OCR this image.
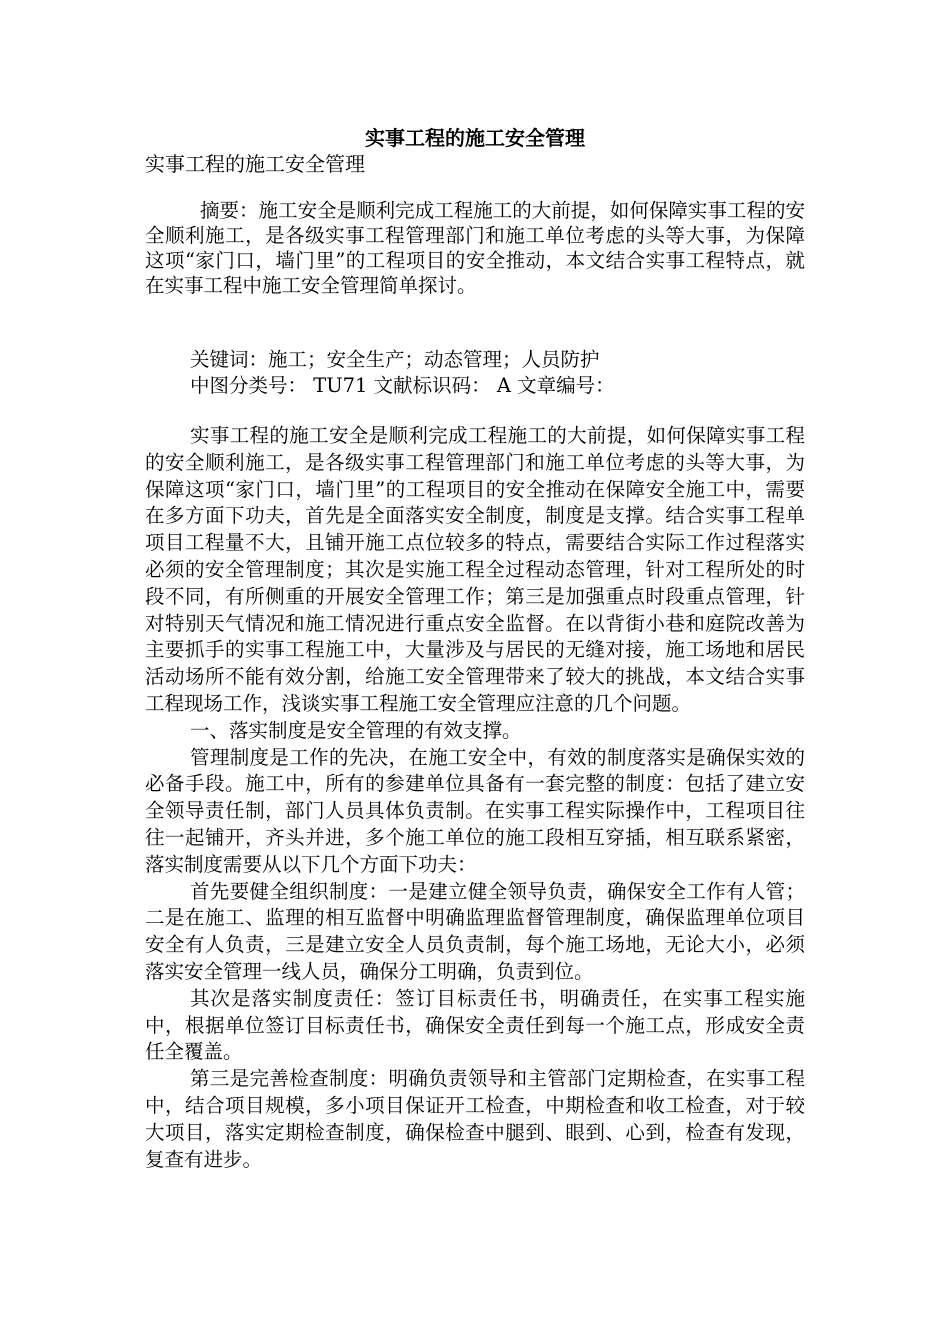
实事工程的施工安全管理
实事工程的施工安全管理

摘要：施工安全是顺利完成工程施工的大前提，如何保障实事工程的安全顺利施工，是各级实事工程管理部门和施工单位考虑的头等大事，为保障这项“家门口，墙门里”的工程项目的安全推动，本文结合实事工程特点，就在实事工程中施工安全管理简单探讨。

关键词：施工；安全生产；动态管理；人员防护
中图分类号： TU71 文献标识码： A 文章编号：

实事工程的施工安全是顺利完成工程施工的大前提，如何保障实事工程的安全顺利施工，是各级实事工程管理部门和施工单位考虑的头等大事，为保障这项“家门口，墙门里”的工程项目的安全推动在保障安全施工中，需要在多方面下功夫，首先是全面落实安全制度，制度是支撑。结合实事工程单项目工程量不大，且铺开施工点位较多的特点，需要结合实际工作过程落实必须的安全管理制度；其次是实施工程全过程动态管理，针对工程所处的时段不同，有所侧重的开展安全管理工作；第三是加强重点时段重点管理，针对特别天气情况和施工情况进行重点安全监督。在以背街小巷和庭院改善为主要抓手的实事工程施工中，大量涉及与居民的无缝对接，施工场地和居民活动场所不能有效分割，给施工安全管理带来了较大的挑战，本文结合实事工程现场工作，浅谈实事工程施工安全管理应注意的几个问题。

一、落实制度是安全管理的有效支撑。

管理制度是工作的先决，在施工安全中，有效的制度落实是确保实效的必备手段。施工中，所有的参建单位具备有一套完整的制度：包括了建立安全领导责任制，部门人员具体负责制。在实事工程实际操作中，工程项目往往一起铺开，齐头并进，多个施工单位的施工段相互穿插，相互联系紧密，落实制度需要从以下几个方面下功夫：

首先要健全组织制度：一是建立健全领导负责，确保安全工作有人管；二是在施工、监理的相互监督中明确监理监督管理制度，确保监理单位项目安全有人负责，三是建立安全人员负责制，每个施工场地，无论大小，必须落实安全管理一线人员，确保分工明确，负责到位。

其次是落实制度责任：签订目标责任书，明确责任，在实事工程实施中，根据单位签订目标责任书，确保安全责任到每一个施工点，形成安全责任全覆盖。

第三是完善检查制度：明确负责领导和主管部门定期检查，在实事工程中，结合项目规模，多小项目保证开工检查，中期检查和收工检查，对于较大项目，落实定期检查制度，确保检查中腿到、眼到、心到，检查有发现，复查有进步。
